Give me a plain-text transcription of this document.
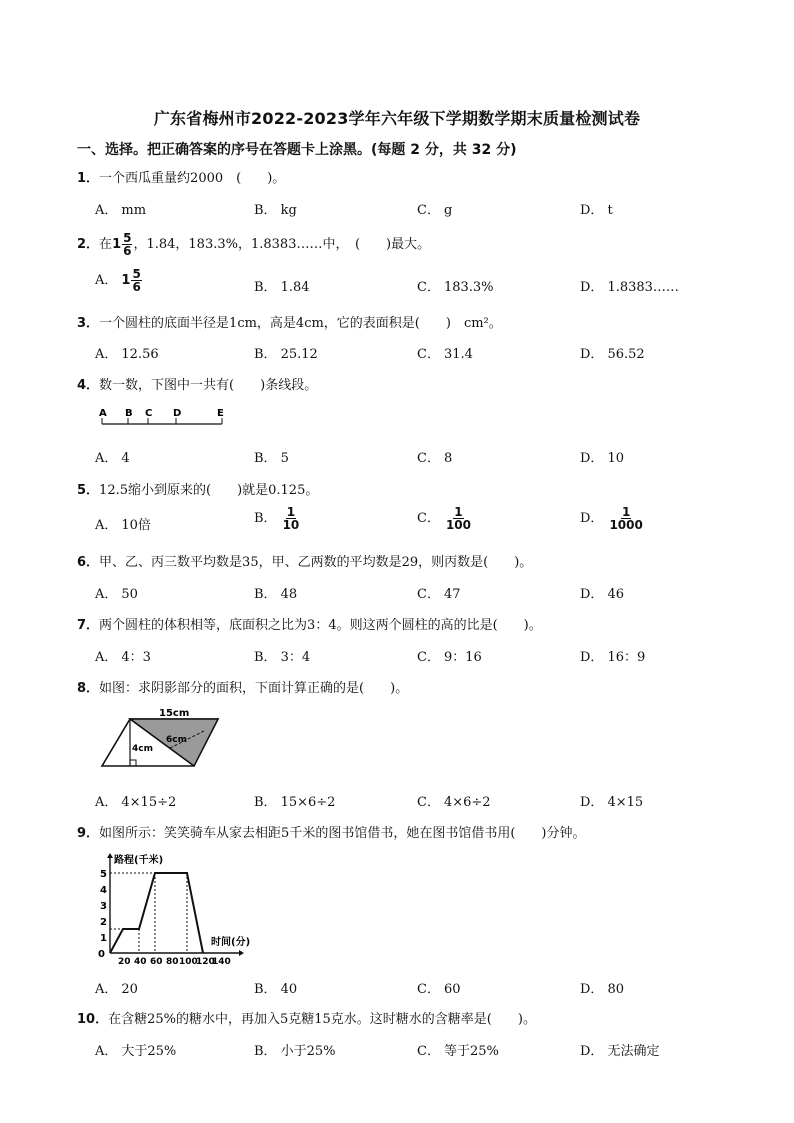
广东省梅州市2022-2023学年六年级下学期数学期末质量检测试卷
一、选择。把正确答案的序号在答题卡上涂黑。(每题 2 分，共 32 分)
1．一个西瓜重量约2000　(　　)。
A． mm	B． kg	C． g	D． t
2．在$1 \frac{5}{6}$ ，1.84，183.3%，1.8383……中，　(　　)最大。
A． $1 \frac{5}{6}$	B． 1.84	C． 183.3%	D． 1.8383……
3．一个圆柱的底面半径是1cm，高是4cm，它的表面积是(　　)　cm²。
A． 12.56	B． 25.12	C． 31.4	D． 56.52
4．数一数，下图中一共有(　　)条线段。
A B C D	E
A． 4	B． 5	C． 8	D． 10
5．12.5缩小到原来的(　　)就是0.125。
A． 10倍	B． $\frac{1}{10}$	C． $\frac{1}{100}$	D． $\frac{1}{1000}$
6．甲、乙、丙三数平均数是35，甲、乙两数的平均数是29，则丙数是(　　)。
A． 50	B． 48	C． 47	D． 46
7．两个圆柱的体积相等，底面积之比为3：4。则这两个圆柱的高的比是(　　)。
A． 4：3	B． 3：4	C． 9：16	D． 16：9
8．如图：求阴影部分的面积，下面计算正确的是(　　)。
15cm
6cm
4cm
A． 4×15÷2	B． 15×6÷2	C． 4×6÷2	D． 4×15
9．如图所示：笑笑骑车从家去相距5千米的图书馆借书，她在图书馆借书用(　　)分钟。
路程(千米)
时间(分)
0
1
2
3
4
5
20 40 60 80 100
120
140
A． 20	B． 40	C． 60	D． 80
10．在含糖25%的糖水中，再加入5克糖15克水。这时糖水的含糖率是(　　)。
A． 大于25%	B． 小于25%	C． 等于25%	D． 无法确定
